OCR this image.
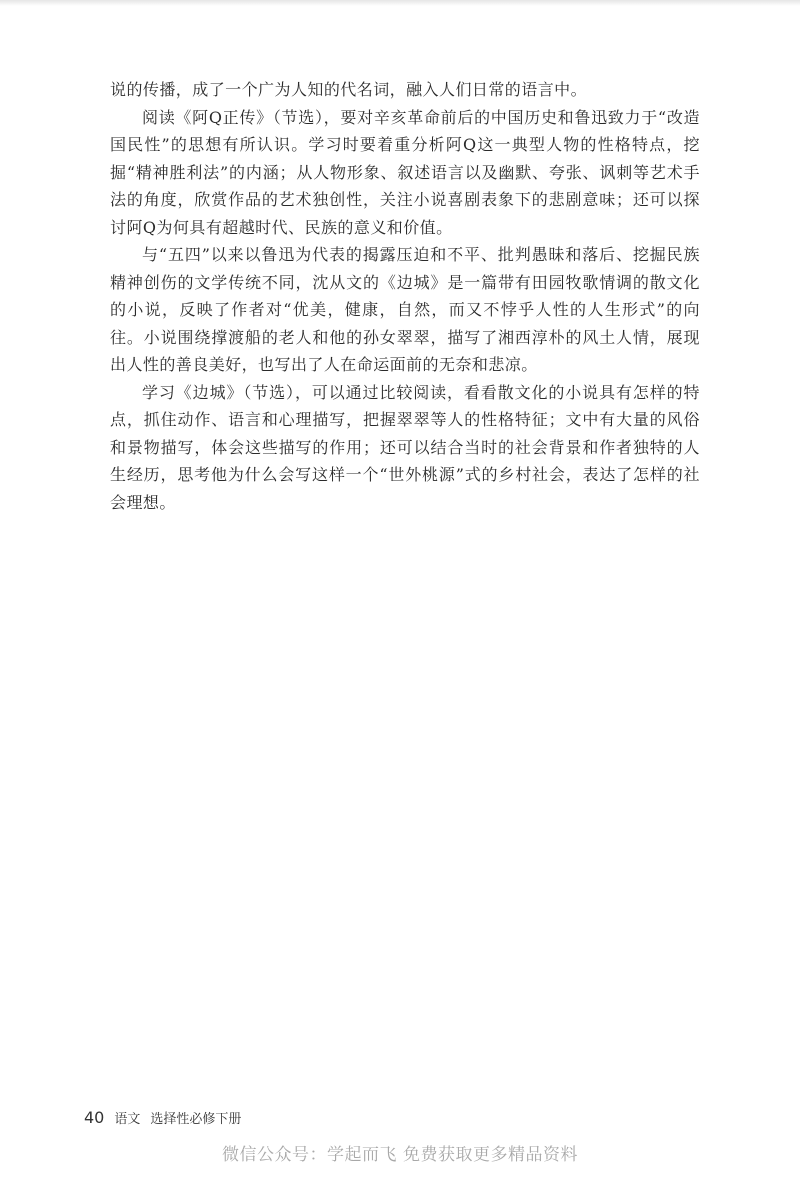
说的传播，成了一个广为人知的代名词，融入人们日常的语言中。

阅读《阿Q正传》（节选），要对辛亥革命前后的中国历史和鲁迅致力于“改造国民性”的思想有所认识。学习时要着重分析阿Q这一典型人物的性格特点，挖掘“精神胜利法”的内涵；从人物形象、叙述语言以及幽默、夸张、讽刺等艺术手法的角度，欣赏作品的艺术独创性，关注小说喜剧表象下的悲剧意味；还可以探讨阿Q为何具有超越时代、民族的意义和价值。

与“五四”以来以鲁迅为代表的揭露压迫和不平、批判愚昧和落后、挖掘民族精神创伤的文学传统不同，沈从文的《边城》是一篇带有田园牧歌情调的散文化的小说，反映了作者对“优美，健康，自然，而又不悖乎人性的人生形式”的向往。小说围绕撑渡船的老人和他的孙女翠翠，描写了湘西淳朴的风土人情，展现出人性的善良美好，也写出了人在命运面前的无奈和悲凉。

学习《边城》（节选），可以通过比较阅读，看看散文化的小说具有怎样的特点，抓住动作、语言和心理描写，把握翠翠等人的性格特征；文中有大量的风俗和景物描写，体会这些描写的作用；还可以结合当时的社会背景和作者独特的人生经历，思考他为什么会写这样一个“世外桃源”式的乡村社会，表达了怎样的社会理想。

40 语文 选择性必修下册
微信公众号：学起而飞 免费获取更多精品资料
